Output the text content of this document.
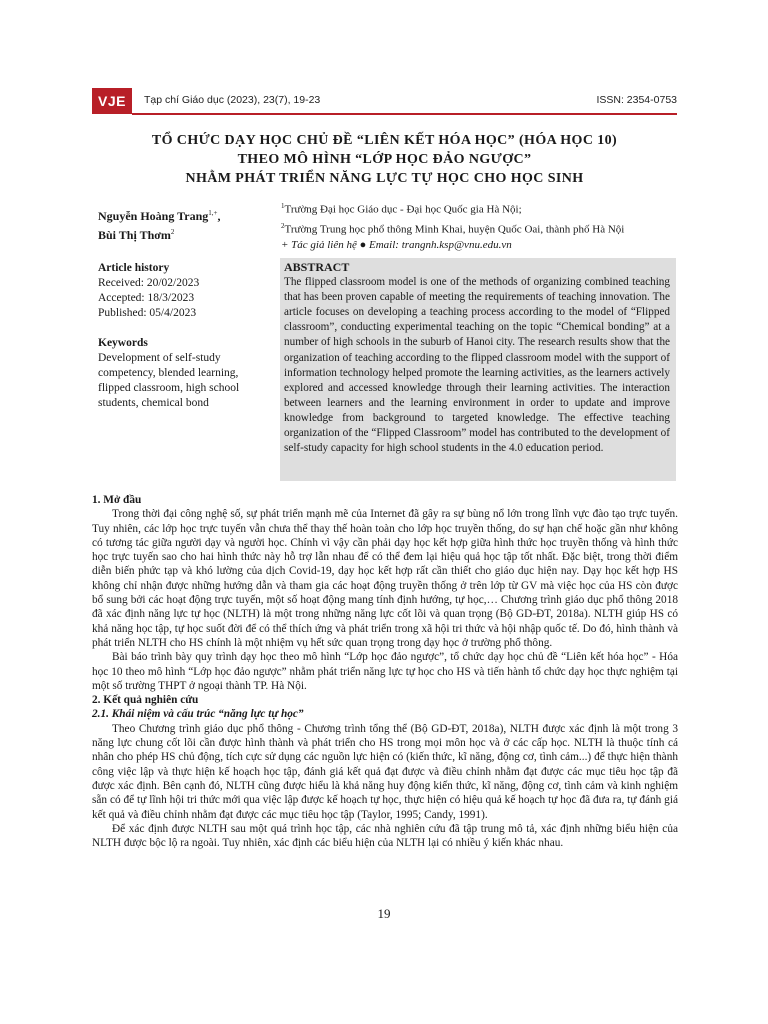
VJE	Tạp chí Giáo dục (2023), 23(7), 19-23	ISSN: 2354-0753
TỔ CHỨC DẠY HỌC CHỦ ĐỀ “LIÊN KẾT HÓA HỌC” (HÓA HỌC 10)
THEO MÔ HÌNH “LỚP HỌC ĐẢO NGƯỢC”
NHẰM PHÁT TRIỂN NĂNG LỰC TỰ HỌC CHO HỌC SINH
Nguyễn Hoàng Trang$^{1,+}$,
Bùi Thị Thơm$^2$
$^1$Trường Đại học Giáo dục - Đại học Quốc gia Hà Nội;
$^2$Trường Trung học phổ thông Minh Khai, huyện Quốc Oai, thành phố Hà Nội
+ Tác giả liên hệ ● Email: trangnh.ksp@vnu.edu.vn
Article history
Received: 20/02/2023
Accepted: 18/3/2023
Published: 05/4/2023
Keywords
Development of self-study competency, blended learning, flipped classroom, high school students, chemical bond
ABSTRACT
The flipped classroom model is one of the methods of organizing combined teaching that has been proven capable of meeting the requirements of teaching innovation. The article focuses on developing a teaching process according to the model of “Flipped classroom”, conducting experimental teaching on the topic “Chemical bonding” at a number of high schools in the suburb of Hanoi city. The research results show that the organization of teaching according to the flipped classroom model with the support of information technology helped promote the learning activities, as the learners actively explored and accessed knowledge through their learning activities. The interaction between learners and the learning environment in order to update and improve knowledge from background to targeted knowledge. The effective teaching organization of the “Flipped Classroom” model has contributed to the development of self-study capacity for high school students in the 4.0 education period.

1. Mở đầu

Trong thời đại công nghệ số, sự phát triển mạnh mẽ của Internet đã gây ra sự bùng nổ lớn trong lĩnh vực đào tạo trực tuyến. Tuy nhiên, các lớp học trực tuyến vẫn chưa thể thay thế hoàn toàn cho lớp học truyền thống, do sự hạn chế hoặc gần như không có tương tác giữa người dạy và người học. Chính vì vậy cần phải dạy học kết hợp giữa hình thức học truyền thống và hình thức học trực tuyến sao cho hai hình thức này hỗ trợ lẫn nhau để có thể đem lại hiệu quả học tập tốt nhất. Đặc biệt, trong thời điểm diễn biến phức tạp và khó lường của dịch Covid-19, dạy học kết hợp rất cần thiết cho giáo dục hiện nay. Dạy học kết hợp HS không chỉ nhận được những hướng dẫn và tham gia các hoạt động truyền thống ở trên lớp từ GV mà việc học của HS còn được bổ sung bởi các hoạt động trực tuyến, một số hoạt động mang tính định hướng, tự học,… Chương trình giáo dục phổ thông 2018 đã xác định năng lực tự học (NLTH) là một trong những năng lực cốt lõi và quan trọng (Bộ GD-ĐT, 2018a). NLTH giúp HS có khả năng học tập, tự học suốt đời để có thể thích ứng và phát triển trong xã hội tri thức và hội nhập quốc tế. Do đó, hình thành và phát triển NLTH cho HS chính là một nhiệm vụ hết sức quan trọng trong dạy học ở trường phổ thông.

Bài báo trình bày quy trình dạy học theo mô hình “Lớp học đảo ngược”, tổ chức dạy học chủ đề “Liên kết hóa học” - Hóa học 10 theo mô hình “Lớp học đảo ngược” nhằm phát triển năng lực tự học cho HS và tiến hành tổ chức dạy học thực nghiệm tại một số trường THPT ở ngoại thành TP. Hà Nội.

2. Kết quả nghiên cứu

2.1. Khái niệm và cấu trúc “năng lực tự học”

Theo Chương trình giáo dục phổ thông - Chương trình tổng thể (Bộ GD-ĐT, 2018a), NLTH được xác định là một trong 3 năng lực chung cốt lõi cần được hình thành và phát triển cho HS trong mọi môn học và ở các cấp học. NLTH là thuộc tính cá nhân cho phép HS chủ động, tích cực sử dụng các nguồn lực hiện có (kiến thức, kĩ năng, động cơ, tình cảm...) để thực hiện thành công việc lập và thực hiện kế hoạch học tập, đánh giá kết quả đạt được và điều chỉnh nhằm đạt được các mục tiêu học tập đã được xác định. Bên cạnh đó, NLTH cũng được hiểu là khả năng huy động kiến thức, kĩ năng, động cơ, tình cảm và kinh nghiệm sẵn có để tự lĩnh hội tri thức mới qua việc lập được kế hoạch tự học, thực hiện có hiệu quả kế hoạch tự học đã đưa ra, tự đánh giá kết quả và điều chỉnh nhằm đạt được các mục tiêu học tập (Taylor, 1995; Candy, 1991).

Để xác định được NLTH sau một quá trình học tập, các nhà nghiên cứu đã tập trung mô tả, xác định những biểu hiện của NLTH được bộc lộ ra ngoài. Tuy nhiên, xác định các biểu hiện của NLTH lại có nhiều ý kiến khác nhau.

19
